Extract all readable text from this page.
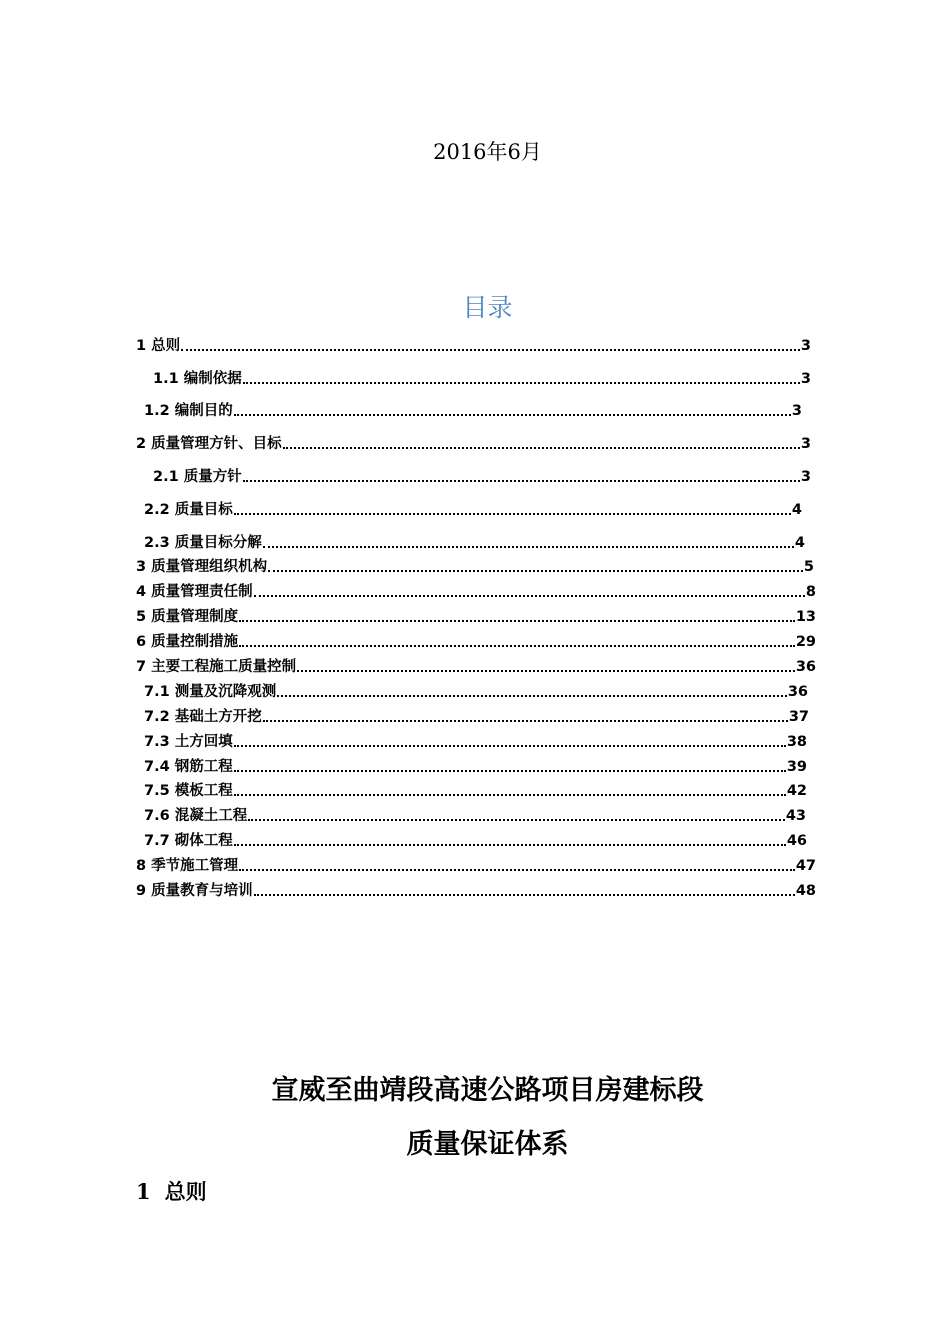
2016年6月
目录
1 总则	3
1.1 编制依据	3
1.2 编制目的	3
2 质量管理方针、目标	3
2.1 质量方针	3
2.2 质量目标	4
2.3 质量目标分解	4
3 质量管理组织机构	5
4 质量管理责任制	8
5 质量管理制度	13
6 质量控制措施	29
7 主要工程施工质量控制	36
7.1 测量及沉降观测	36
7.2 基础土方开挖	37
7.3 土方回填	38
7.4 钢筋工程	39
7.5 模板工程	42
7.6 混凝土工程	43
7.7 砌体工程	46
8 季节施工管理	47
9 质量教育与培训	48
宣威至曲靖段高速公路项目房建标段
质量保证体系
1 总则
